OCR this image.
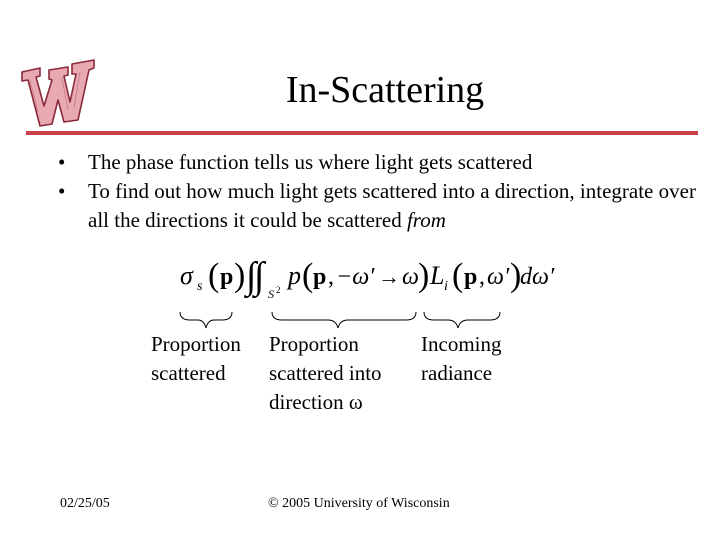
In-Scattering
• The phase function tells us where light gets scattered
• To find out how much light gets scattered into a direction, integrate over all the directions it could be scattered from
σ s ( p ) ∫
∫ S 2 p ( p , −ω′ → ω ) L i ( p , ω′ )
dω′
Proportion
scattered
Proportion
scattered into
direction ω
Incoming
radiance
02/25/05	© 2005 University of Wisconsin
